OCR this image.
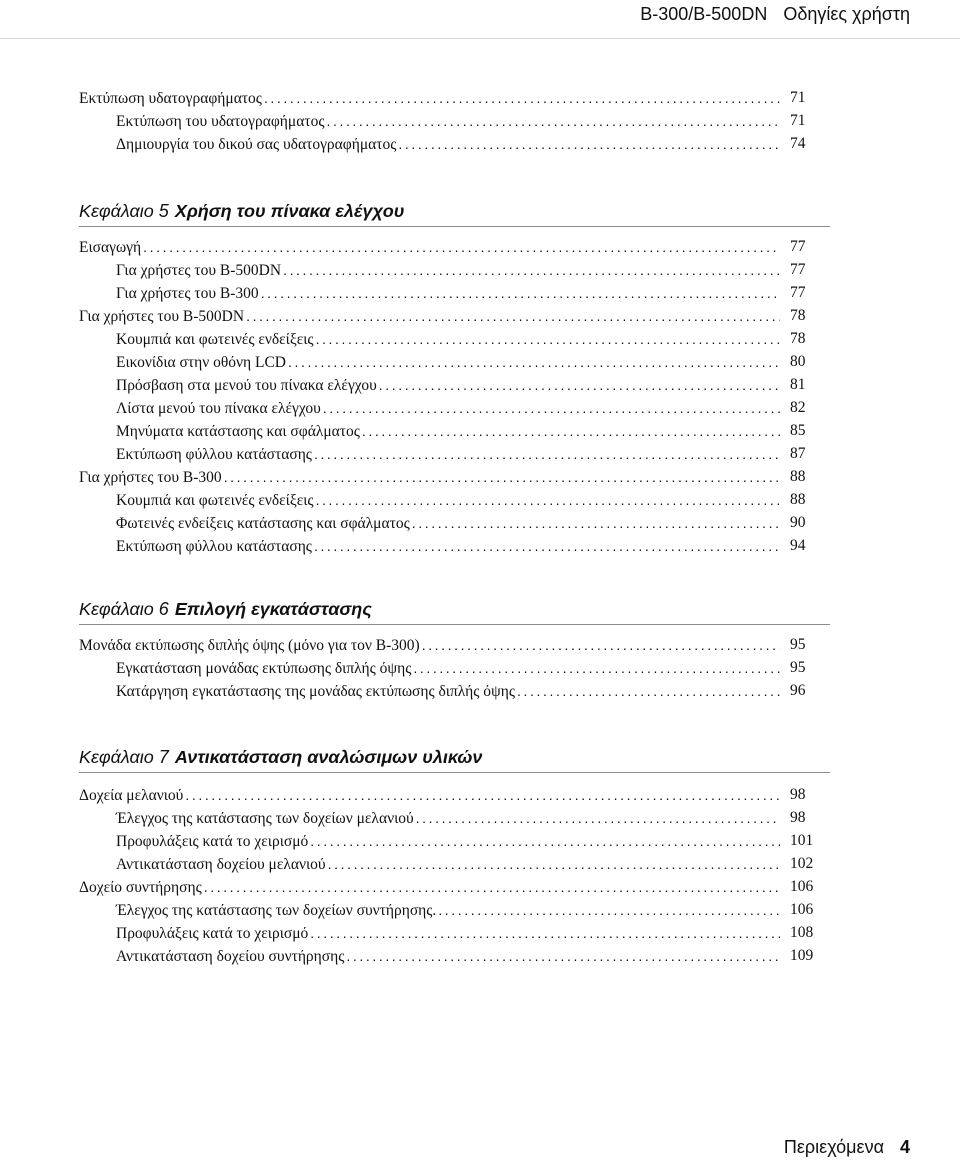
B-300/B-500DN Οδηγίες χρήστη
Εκτύπωση υδατογραφήματος .....	71
Εκτύπωση του υδατογραφήματος .....	71
Δημιουργία του δικού σας υδατογραφήματος .....	74
Κεφάλαιο 5 Χρήση του πίνακα ελέγχου
Εισαγωγή .....	77
Για χρήστες του B-500DN .....	77
Για χρήστες του B-300 .....	77
Για χρήστες του B-500DN .....	78
Κουμπιά και φωτεινές ενδείξεις .....	78
Εικονίδια στην οθόνη LCD .....	80
Πρόσβαση στα μενού του πίνακα ελέγχου .....	81
Λίστα μενού του πίνακα ελέγχου .....	82
Μηνύματα κατάστασης και σφάλματος .....	85
Εκτύπωση φύλλου κατάστασης .....	87
Για χρήστες του B-300 .....	88
Κουμπιά και φωτεινές ενδείξεις .....	88
Φωτεινές ενδείξεις κατάστασης και σφάλματος .....	90
Εκτύπωση φύλλου κατάστασης .....	94
Κεφάλαιο 6 Επιλογή εγκατάστασης
Μονάδα εκτύπωσης διπλής όψης (μόνο για τον B-300) .....	95
Εγκατάσταση μονάδας εκτύπωσης διπλής όψης .....	95
Κατάργηση εγκατάστασης της μονάδας εκτύπωσης διπλής όψης .....	96
Κεφάλαιο 7 Αντικατάσταση αναλώσιμων υλικών
Δοχεία μελανιού .....	98
Έλεγχος της κατάστασης των δοχείων μελανιού .....	98
Προφυλάξεις κατά το χειρισμό .....	101
Αντικατάσταση δοχείου μελανιού .....	102
Δοχείο συντήρησης .....	106
Έλεγχος της κατάστασης των δοχείων συντήρησης. .....	106
Προφυλάξεις κατά το χειρισμό .....	108
Αντικατάσταση δοχείου συντήρησης .....	109
Περιεχόμενα 4
